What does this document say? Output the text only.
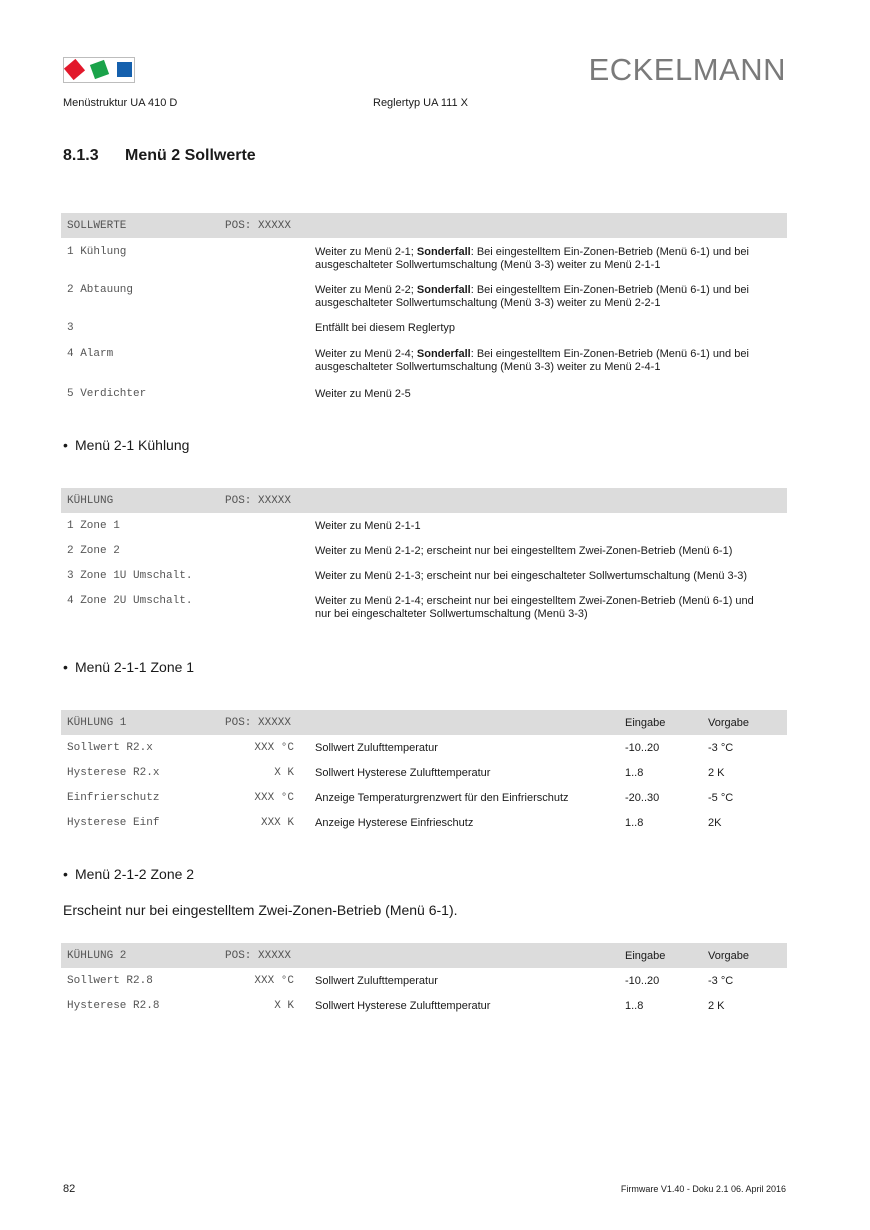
ECKELMANN
Menüstruktur UA 410 D	Reglertyp UA 111 X
8.1.3 Menü 2 Sollwerte
SOLLWERTE	POS: XXXXX
1 Kühlung	Weiter zu Menü 2-1; Sonderfall: Bei eingestelltem Ein-Zonen-Betrieb (Menü 6-1) und bei
ausgeschalteter Sollwertumschaltung (Menü 3-3) weiter zu Menü 2-1-1
2 Abtauung	Weiter zu Menü 2-2; Sonderfall: Bei eingestelltem Ein-Zonen-Betrieb (Menü 6-1) und bei
ausgeschalteter Sollwertumschaltung (Menü 3-3) weiter zu Menü 2-2-1
3	Entfällt bei diesem Reglertyp
4 Alarm	Weiter zu Menü 2-4; Sonderfall: Bei eingestelltem Ein-Zonen-Betrieb (Menü 6-1) und bei
ausgeschalteter Sollwertumschaltung (Menü 3-3) weiter zu Menü 2-4-1
5 Verdichter	Weiter zu Menü 2-5
• Menü 2-1 Kühlung
KÜHLUNG	POS: XXXXX
1 Zone 1	Weiter zu Menü 2-1-1
2 Zone 2	Weiter zu Menü 2-1-2; erscheint nur bei eingestelltem Zwei-Zonen-Betrieb (Menü 6-1)
3 Zone 1U Umschalt.	Weiter zu Menü 2-1-3; erscheint nur bei eingeschalteter Sollwertumschaltung (Menü 3-3)
4 Zone 2U Umschalt.	Weiter zu Menü 2-1-4; erscheint nur bei eingestelltem Zwei-Zonen-Betrieb (Menü 6-1) und
nur bei eingeschalteter Sollwertumschaltung (Menü 3-3)
• Menü 2-1-1 Zone 1
KÜHLUNG 1	POS: XXXXX	Eingabe	Vorgabe
Sollwert R2.x	XXX °C Sollwert Zulufttemperatur	-10..20	-3 °C
Hysterese R2.x	X K Sollwert Hysterese Zulufttemperatur	1..8	2 K
Einfrierschutz	XXX °C Anzeige Temperaturgrenzwert für den Einfrierschutz	-20..30	-5 °C
Hysterese Einf	XXX K Anzeige Hysterese Einfrieschutz	1..8	2K
• Menü 2-1-2 Zone 2
Erscheint nur bei eingestelltem Zwei-Zonen-Betrieb (Menü 6-1).
KÜHLUNG 2	POS: XXXXX	Eingabe	Vorgabe
Sollwert R2.8	XXX °C Sollwert Zulufttemperatur	-10..20	-3 °C
Hysterese R2.8	X K Sollwert Hysterese Zulufttemperatur	1..8	2 K
82	Firmware V1.40 - Doku 2.1 06. April 2016
